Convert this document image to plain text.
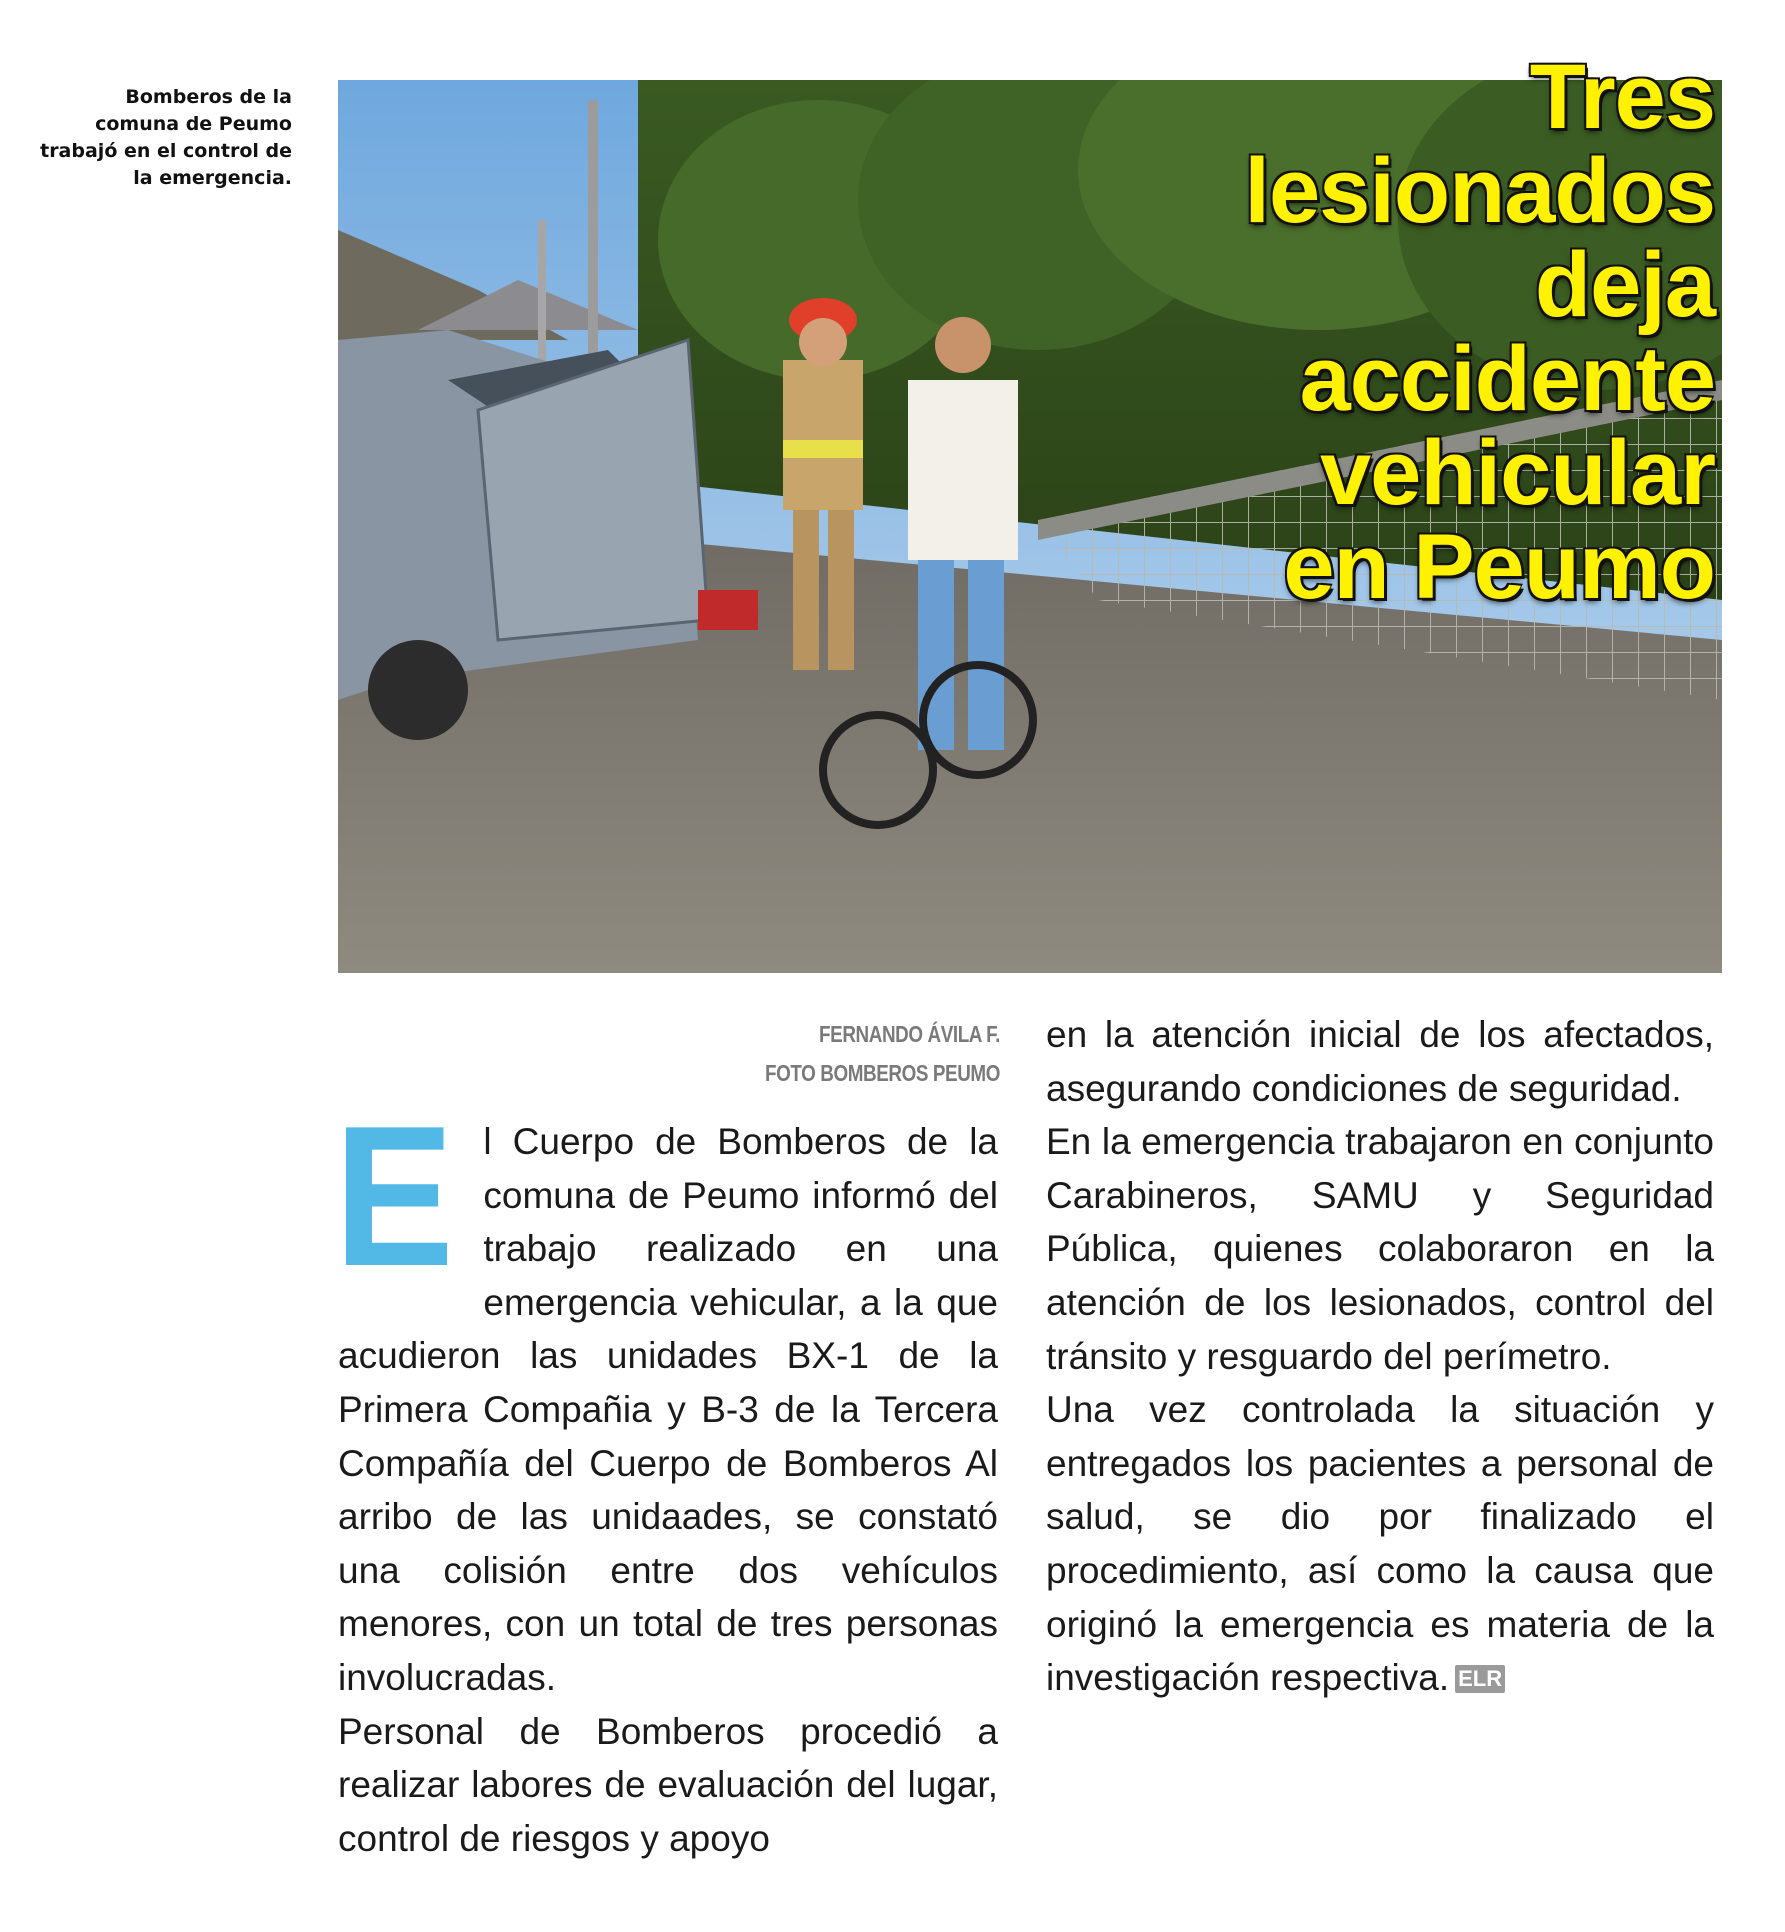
Bomberos de la comuna de Peumo trabajó en el control de la emergencia.
Tres
lesionados
deja
accidente
vehicular
en Peumo
FERNANDO ÁVILA F.
FOTO BOMBEROS PEUMO
E l Cuerpo de Bomberos de la comuna de Peumo informó del trabajo realizado en una emergencia vehicular, a la que acudieron las unidades BX-1 de la Primera Compañia y B-3 de la Tercera Compañía del Cuerpo de Bomberos Al arribo de las unidaades, se constató una colisión entre dos vehículos menores, con un total de tres personas involucradas.

Personal de Bomberos procedió a realizar labores de evaluación del lugar, control de riesgos y apoyo

en la atención inicial de los afectados, asegurando condiciones de seguridad.

En la emergencia trabajaron en conjunto Carabineros, SAMU y Seguridad Pública, quienes colaboraron en la atención de los lesionados, control del tránsito y resguardo del perímetro.

Una vez controlada la situación y entregados los pacientes a personal de salud, se dio por finalizado el procedimiento, así como la causa que originó la emergencia es materia de la investigación respectiva. ELR
